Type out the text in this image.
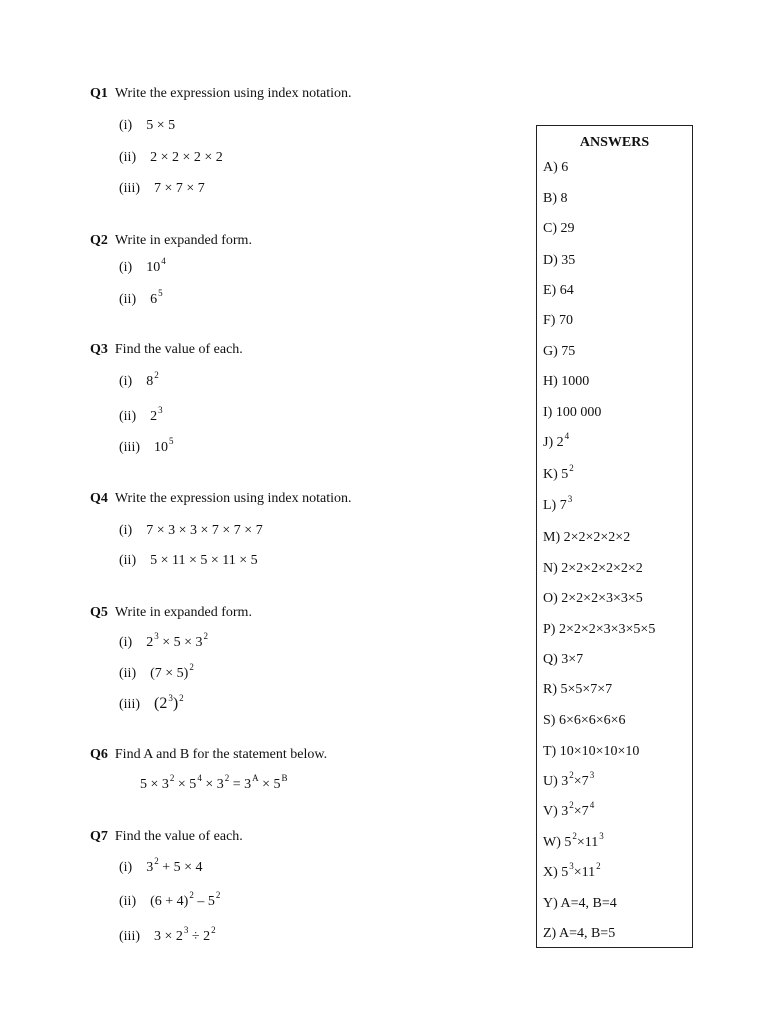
Q1 Write the expression using index notation.
(i) 5 × 5
(ii) 2 × 2 × 2 × 2
(iii) 7 × 7 × 7
Q2 Write in expanded form.
(i) $10^4$
(ii) $6^5$
Q3 Find the value of each.
(i) $8^2$
(ii) $2^3$
(iii) $10^5$
Q4 Write the expression using index notation.
(i) 7 × 3 × 3 × 7 × 7 × 7
(ii) 5 × 11 × 5 × 11 × 5
Q5 Write in expanded form.
(i) $2^3 \times 5 \times 3^2$
(ii) $(7 \times 5)^2$
(iii) $(2^3)^2$
Q6 Find A and B for the statement below.
$5 \times 3^2 \times 5^4 \times 3^2 = 3^A \times 5^B$
Q7 Find the value of each.
(i) $3^2 + 5 \times 4$
(ii) $(6 + 4)^2 - 5^2$
(iii) $3 \times 2^3 \div 2^2$
ANSWERS
A) 6
B) 8
C) 29
D) 35
E) 64
F) 70
G) 75
H) 1000
I) 100 000
J) $2^4$
K) $5^2$
L) $7^3$
M) 2×2×2×2×2
N) 2×2×2×2×2×2
O) 2×2×2×3×3×5
P) 2×2×2×3×3×5×5
Q) 3×7
R) 5×5×7×7
S) 6×6×6×6×6
T) 10×10×10×10
U) $3^2\times 7^3$
V) $3^2\times 7^4$
W) $5^2\times 11^3$
X) $5^3\times 11^2$
Y) A=4, B=4
Z) A=4, B=5
